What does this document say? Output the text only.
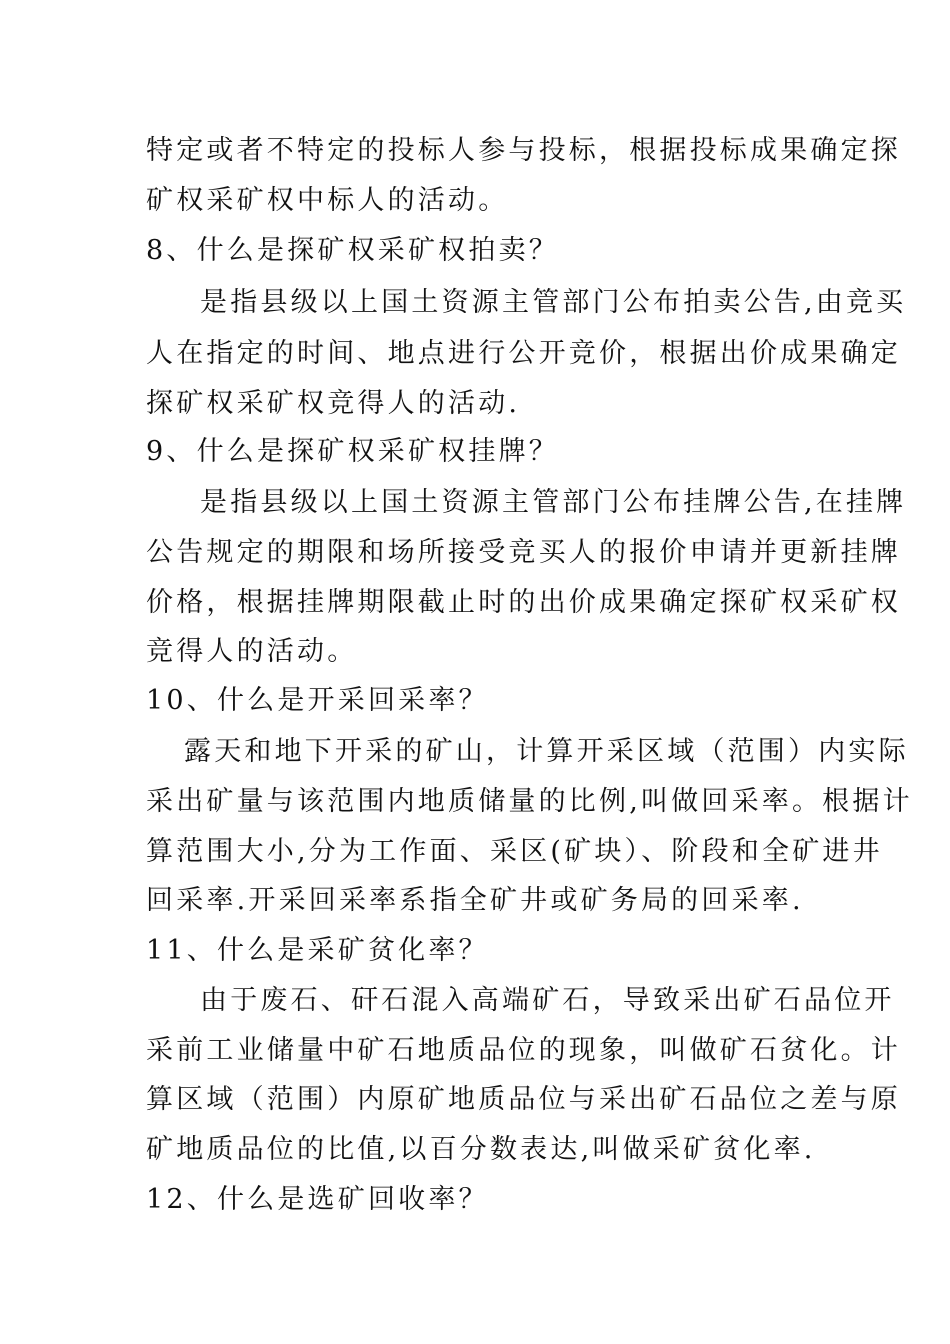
特定或者不特定的投标人参与投标，根据投标成果确定探
矿权采矿权中标人的活动。
8、什么是探矿权采矿权拍卖？
是指县级以上国土资源主管部门公布拍卖公告,由竞买
人在指定的时间、地点进行公开竞价，根据出价成果确定
探矿权采矿权竞得人的活动.
9、什么是探矿权采矿权挂牌？
是指县级以上国土资源主管部门公布挂牌公告,在挂牌
公告规定的期限和场所接受竞买人的报价申请并更新挂牌
价格，根据挂牌期限截止时的出价成果确定探矿权采矿权
竞得人的活动。
10、什么是开采回采率？
露天和地下开采的矿山，计算开采区域（范围）内实际
采出矿量与该范围内地质储量的比例,叫做回采率。根据计
算范围大小,分为工作面、采区(矿块）、阶段和全矿进井
回采率.开采回采率系指全矿井或矿务局的回采率.
11、什么是采矿贫化率？
由于废石、矸石混入高端矿石，导致采出矿石品位开
采前工业储量中矿石地质品位的现象，叫做矿石贫化。计
算区域（范围）内原矿地质品位与采出矿石品位之差与原
矿地质品位的比值,以百分数表达,叫做采矿贫化率.
12、什么是选矿回收率？
